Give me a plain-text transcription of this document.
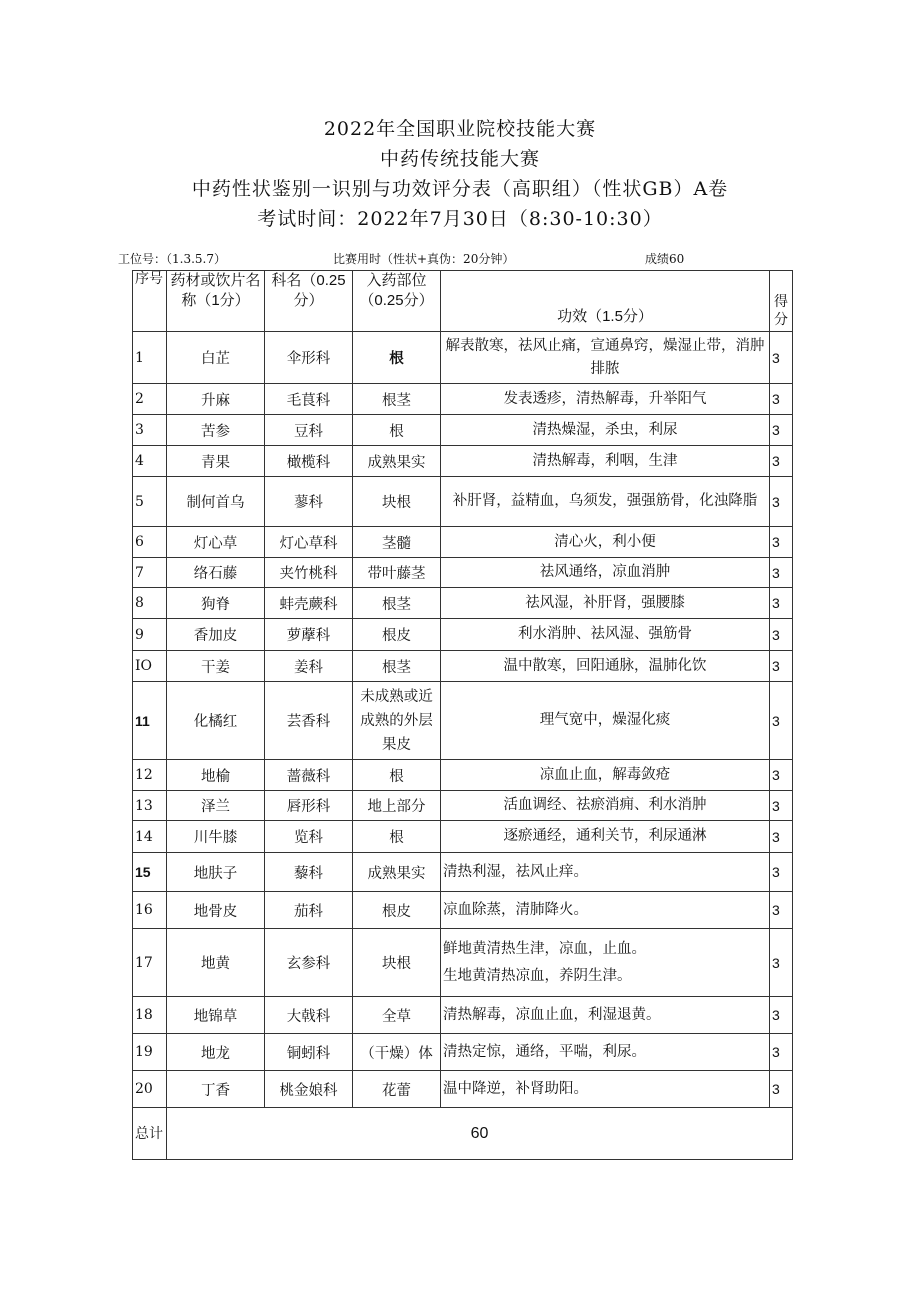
2022年全国职业院校技能大赛
中药传统技能大赛
中药性状鉴别一识别与功效评分表（高职组）（性状GB）A卷
考试时间：2022年7月30日（8:30-10:30）
工位号：（1.3.5.7）	比赛用时（性状+真伪：20分钟）	成绩60
序号	药材或饮片名称（1分）	科名（0.25分）	入药部位（0.25分）	功效（1.5分）	得分
1	白芷	伞形科	根	解表散寒，祛风止痛，宣通鼻窍，燥湿止带，消肿排脓	3
2	升麻	毛茛科	根茎	发表透疹，清热解毒，升举阳气	3
3	苦参	豆科	根	清热燥湿，杀虫，利尿	3
4	青果	橄榄科	成熟果实	清热解毒，利咽，生津	3
5	制何首乌	蓼科	块根	补肝肾，益精血，乌须发，强强筋骨，化浊降脂	3
6	灯心草	灯心草科	茎髓	清心火，利小便	3
7	络石藤	夹竹桃科	带叶藤茎	祛风通络，凉血消肿	3
8	狗脊	蚌壳蕨科	根茎	祛风湿，补肝肾，强腰膝	3
9	香加皮	萝藦科	根皮	利水消肿、祛风湿、强筋骨	3
IO	干姜	姜科	根茎	温中散寒，回阳通脉，温肺化饮	3
11	化橘红	芸香科	未成熟或近成熟的外层果皮	理气宽中，燥湿化痰	3
12	地榆	蔷薇科	根	凉血止血，解毒敛疮	3
13	泽兰	唇形科	地上部分	活血调经、祛瘀消痈、利水消肿	3
14	川牛膝	览科	根	逐瘀通经，通利关节，利尿通淋	3
15	地肤子	藜科	成熟果实	清热利湿，祛风止痒。	3
16	地骨皮	茄科	根皮	凉血除蒸，清肺降火。	3
17	地黄	玄参科	块根	鲜地黄清热生津，凉血，止血。
生地黄清热凉血，养阴生津。	3
18	地锦草	大戟科	全草	清热解毒，凉血止血，利湿退黄。	3
19	地龙	铜蚓科	（干燥）体	清热定惊，通络，平喘，利尿。	3
20	丁香	桃金娘科	花蕾	温中降逆，补肾助阳。	3
总计	60				
